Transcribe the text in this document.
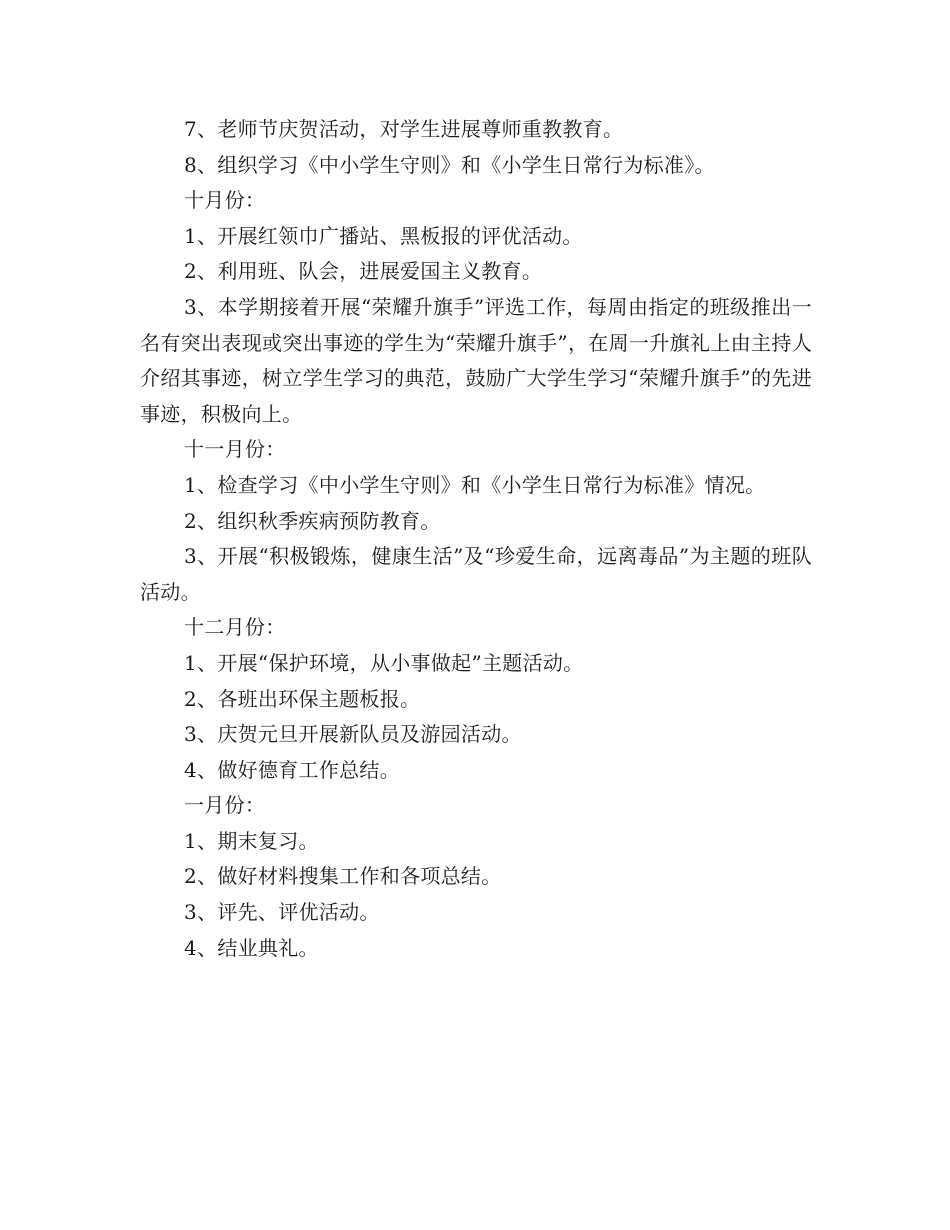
7、老师节庆贺活动，对学生进展尊师重教教育。

8、组织学习《中小学生守则》和《小学生日常行为标准》。

十月份：

1、开展红领巾广播站、黑板报的评优活动。

2、利用班、队会，进展爱国主义教育。

3、本学期接着开展“荣耀升旗手”评选工作，每周由指定的班级推出一名有突出表现或突出事迹的学生为“荣耀升旗手”，在周一升旗礼上由主持人介绍其事迹，树立学生学习的典范，鼓励广大学生学习“荣耀升旗手”的先进事迹，积极向上。

十一月份：

1、检查学习《中小学生守则》和《小学生日常行为标准》情况。

2、组织秋季疾病预防教育。

3、开展“积极锻炼，健康生活”及“珍爱生命，远离毒品”为主题的班队活动。

十二月份：

1、开展“保护环境，从小事做起”主题活动。

2、各班出环保主题板报。

3、庆贺元旦开展新队员及游园活动。

4、做好德育工作总结。

一月份：

1、期末复习。

2、做好材料搜集工作和各项总结。

3、评先、评优活动。

4、结业典礼。
